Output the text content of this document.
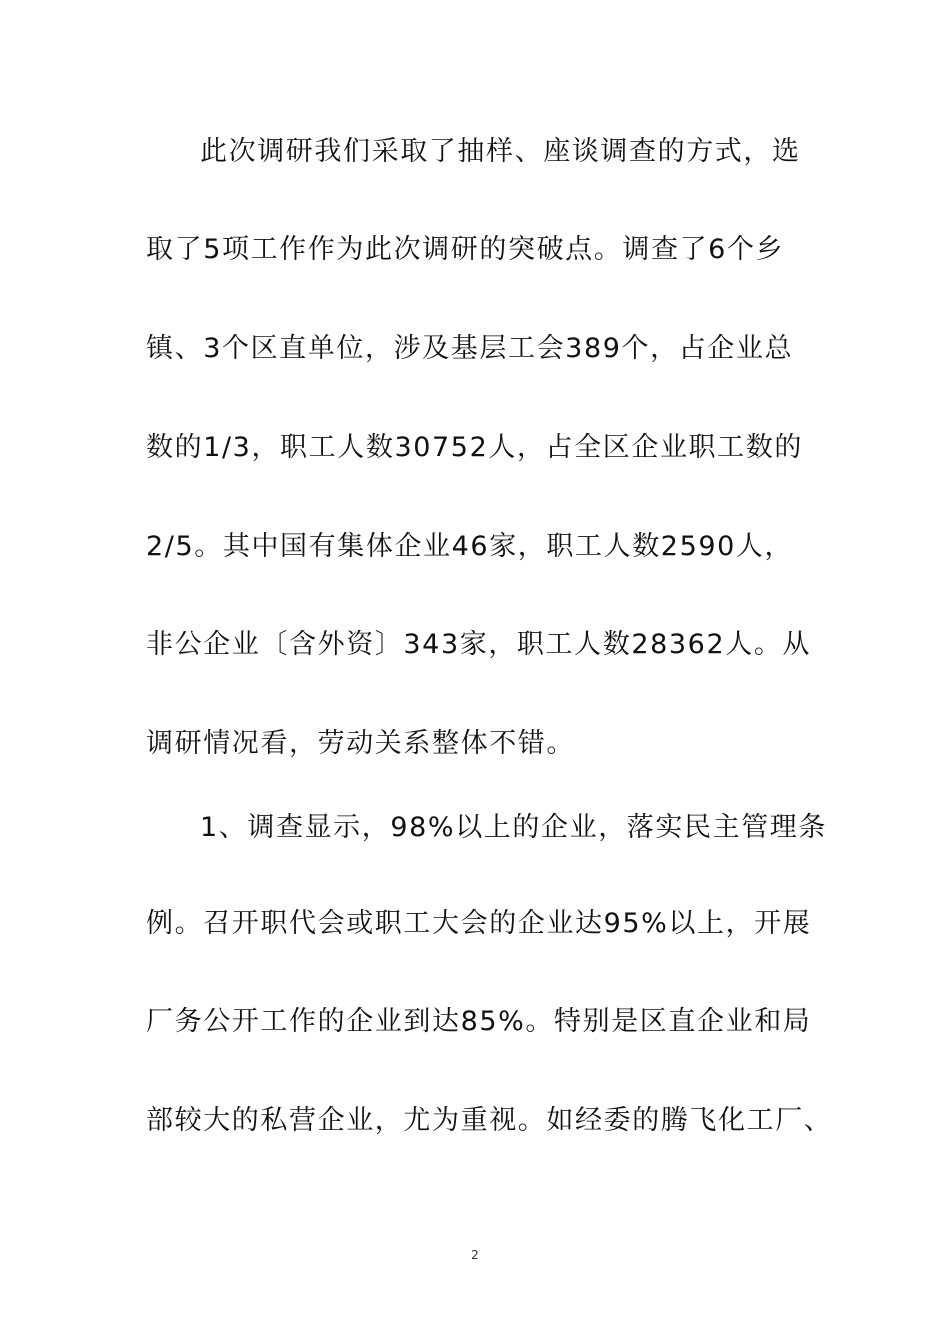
此次调研我们采取了抽样、座谈调查的方式，选
取了5项工作作为此次调研的突破点。调查了6个乡
镇、3个区直单位，涉及基层工会389个，占企业总
数的1/3，职工人数30752人，占全区企业职工数的
2/5。其中国有集体企业46家，职工人数2590人，
非公企业〔含外资〕343家，职工人数28362人。从
调研情况看，劳动关系整体不错。
1、调查显示，98%以上的企业，落实民主管理条
例。召开职代会或职工大会的企业达95%以上，开展
厂务公开工作的企业到达85%。特别是区直企业和局
部较大的私营企业，尤为重视。如经委的腾飞化工厂、
2
